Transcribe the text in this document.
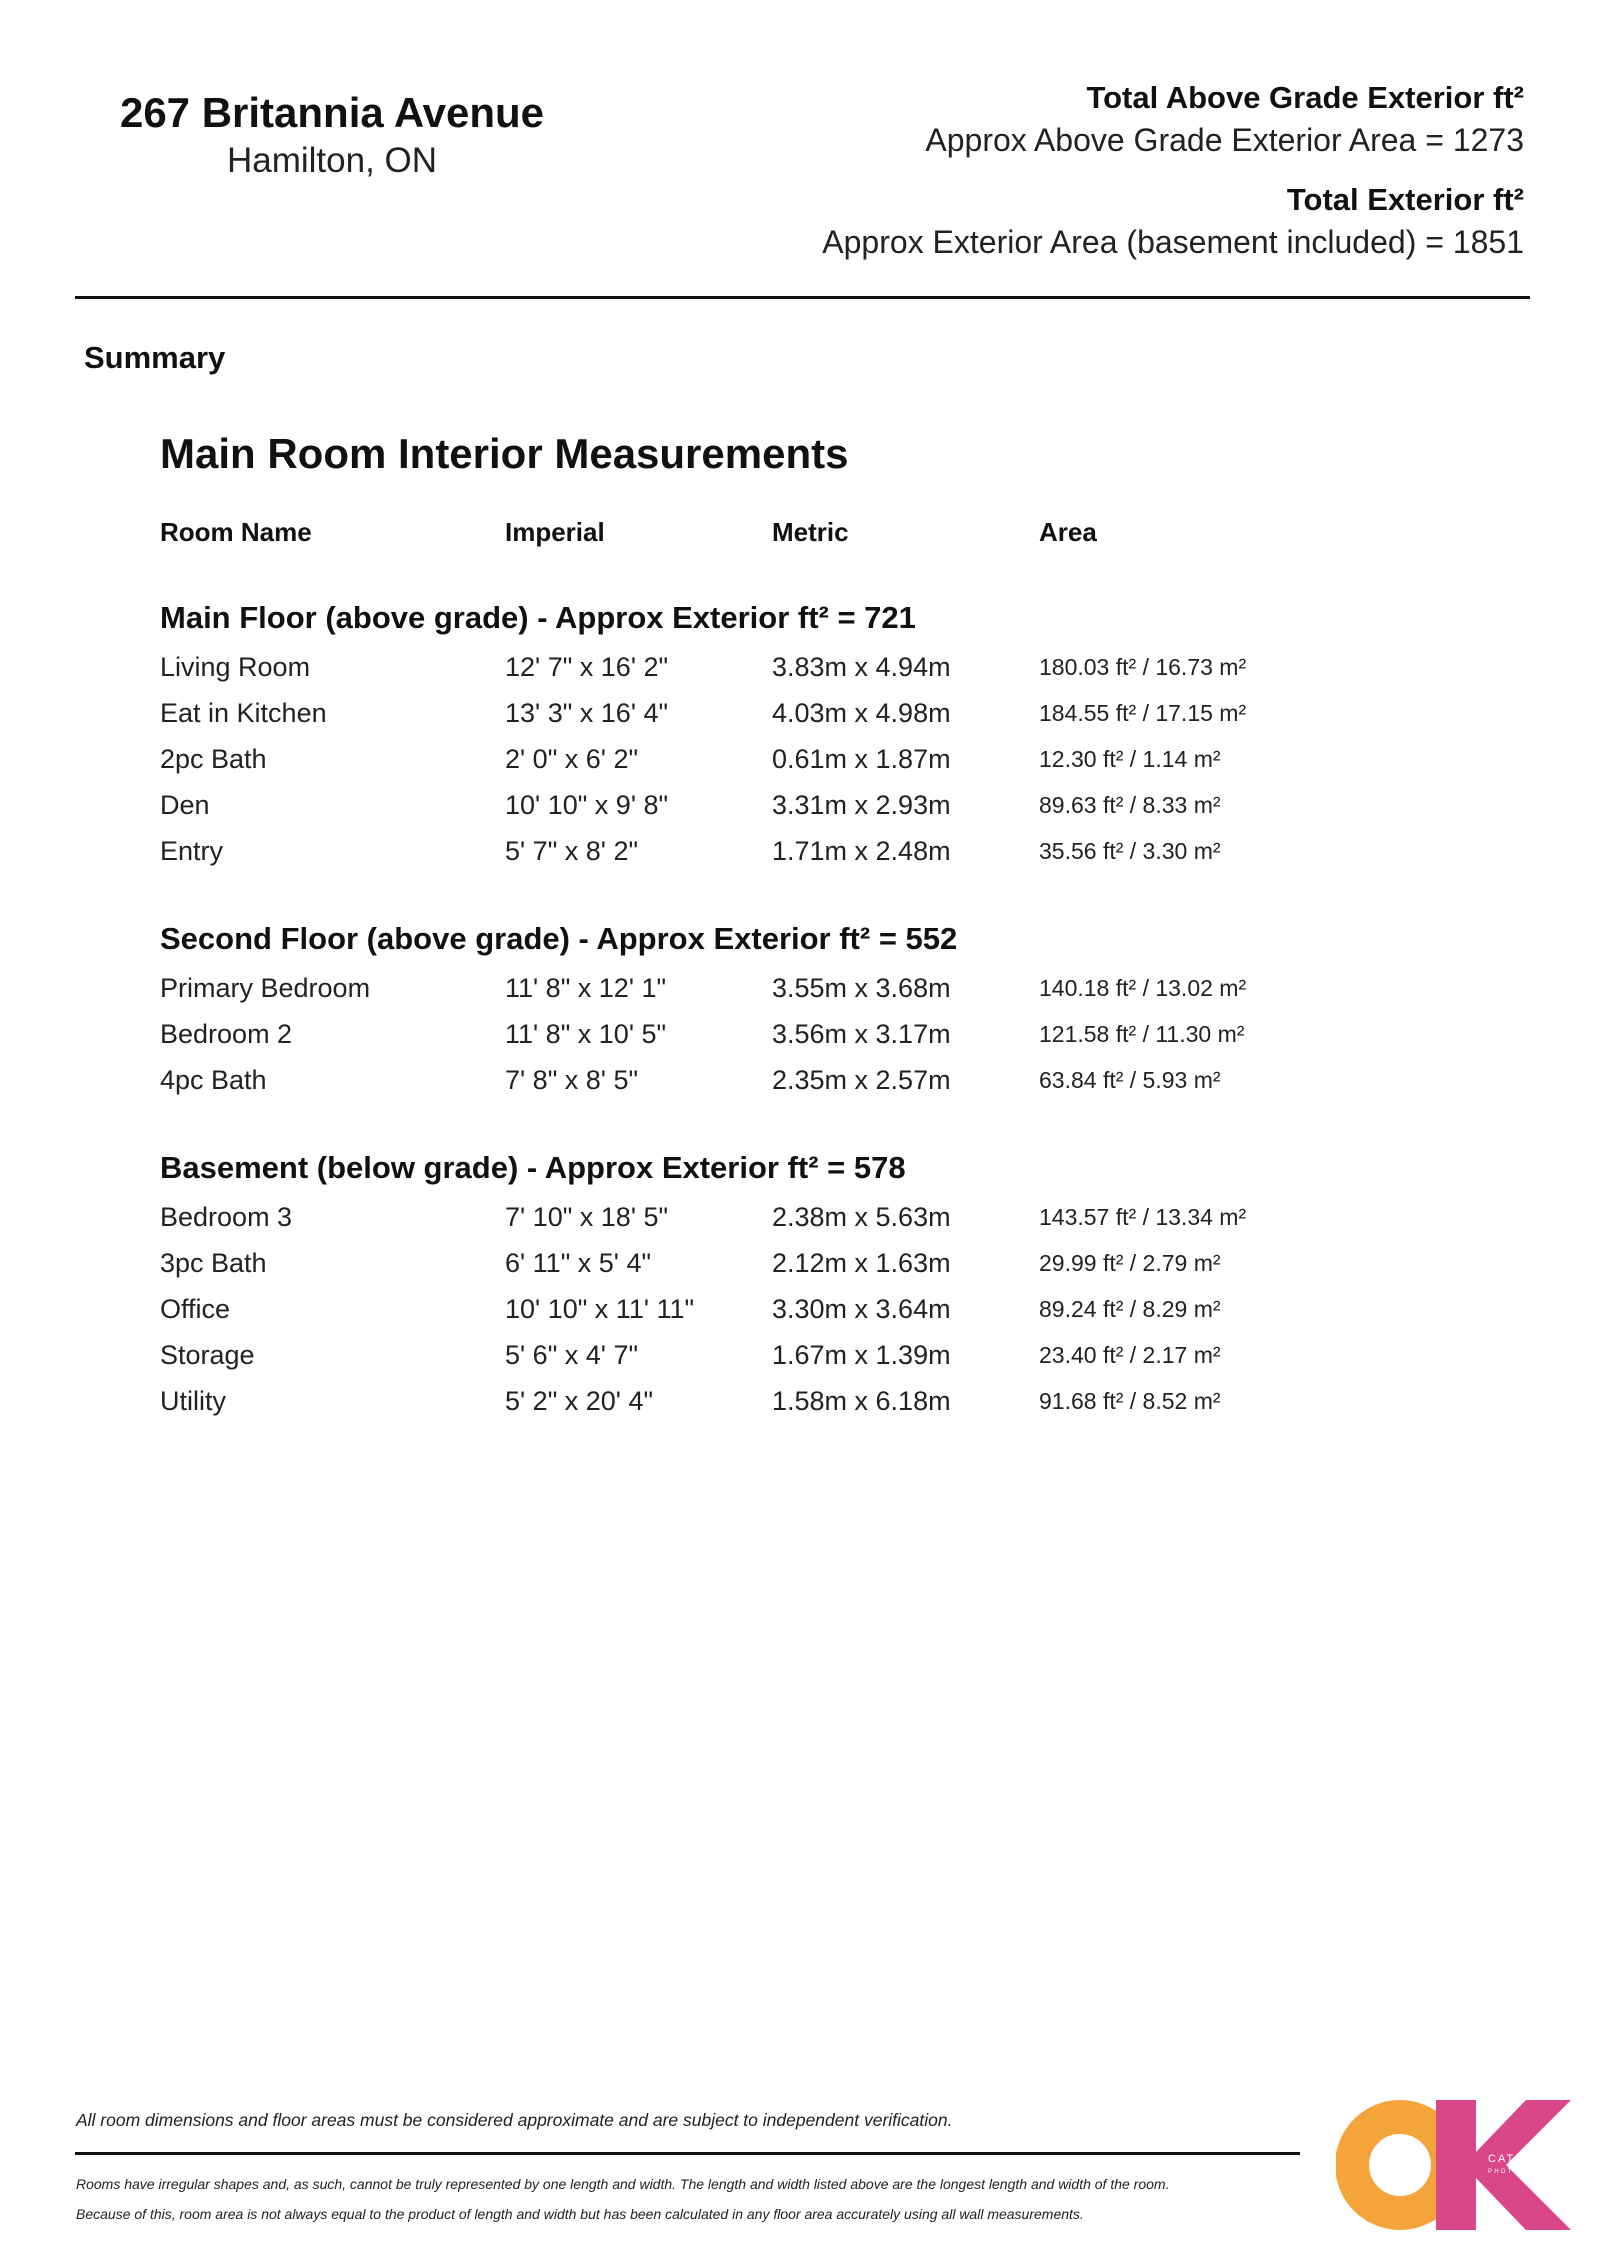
267 Britannia Avenue
Hamilton, ON
Total Above Grade Exterior ft²
Approx Above Grade Exterior Area = 1273
Total Exterior ft²
Approx Exterior Area (basement included) = 1851
Summary
Main Room Interior Measurements
Room Name	Imperial	Metric	Area
Main Floor (above grade) - Approx Exterior ft² = 721
Living Room	12' 7" x 16' 2"	3.83m x 4.94m	180.03 ft² / 16.73 m²
Eat in Kitchen	13' 3" x 16' 4"	4.03m x 4.98m	184.55 ft² / 17.15 m²
2pc Bath	2' 0" x 6' 2"	0.61m x 1.87m	12.30 ft² / 1.14 m²
Den	10' 10" x 9' 8"	3.31m x 2.93m	89.63 ft² / 8.33 m²
Entry	5' 7" x 8' 2"	1.71m x 2.48m	35.56 ft² / 3.30 m²
Second Floor (above grade) - Approx Exterior ft² = 552
Primary Bedroom	11' 8" x 12' 1"	3.55m x 3.68m	140.18 ft² / 13.02 m²
Bedroom 2	11' 8" x 10' 5"	3.56m x 3.17m	121.58 ft² / 11.30 m²
4pc Bath	7' 8" x 8' 5"	2.35m x 2.57m	63.84 ft² / 5.93 m²
Basement (below grade) - Approx Exterior ft² = 578
Bedroom 3	7' 10" x 18' 5"	2.38m x 5.63m	143.57 ft² / 13.34 m²
3pc Bath	6' 11" x 5' 4"	2.12m x 1.63m	29.99 ft² / 2.79 m²
Office	10' 10" x 11' 11"	3.30m x 3.64m	89.24 ft² / 8.29 m²
Storage	5' 6" x 4' 7"	1.67m x 1.39m	23.40 ft² / 2.17 m²
Utility	5' 2" x 20' 4"	1.58m x 6.18m	91.68 ft² / 8.52 m²
All room dimensions and floor areas must be considered approximate and are subject to independent verification.
Rooms have irregular shapes and, as such, cannot be truly represented by one length and width. The length and width listed above are the longest length and width of the room.
Because of this, room area is not always equal to the product of length and width but has been calculated in any floor area accurately using all wall measurements.
CATHY KOOP
PHOTOGRAPHY
